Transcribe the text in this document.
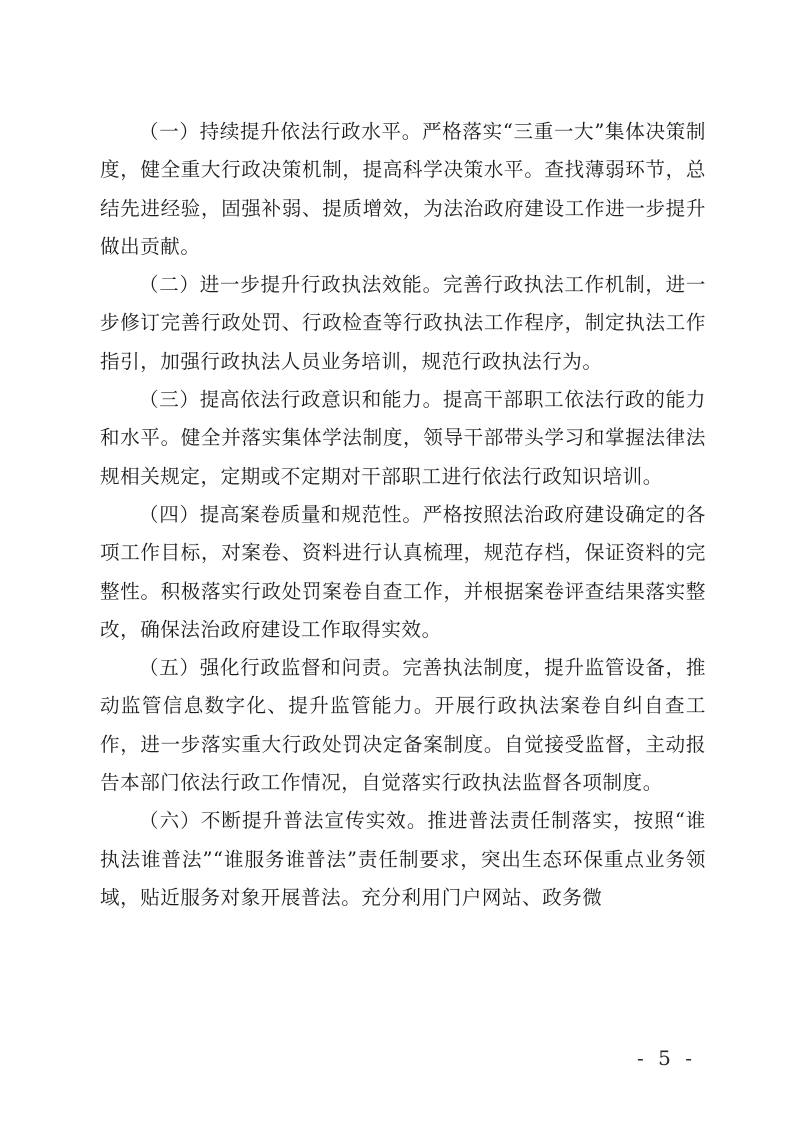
（一）持续提升依法行政水平。严格落实“三重一大”集体决策制度，健全重大行政决策机制，提高科学决策水平。查找薄弱环节，总结先进经验，固强补弱、提质增效，为法治政府建设工作进一步提升做出贡献。

（二）进一步提升行政执法效能。完善行政执法工作机制，进一步修订完善行政处罚、行政检查等行政执法工作程序，制定执法工作指引，加强行政执法人员业务培训，规范行政执法行为。

（三）提高依法行政意识和能力。提高干部职工依法行政的能力和水平。健全并落实集体学法制度，领导干部带头学习和掌握法律法规相关规定，定期或不定期对干部职工进行依法行政知识培训。

（四）提高案卷质量和规范性。严格按照法治政府建设确定的各项工作目标，对案卷、资料进行认真梳理，规范存档，保证资料的完整性。积极落实行政处罚案卷自查工作，并根据案卷评查结果落实整改，确保法治政府建设工作取得实效。

（五）强化行政监督和问责。完善执法制度，提升监管设备，推动监管信息数字化、提升监管能力。开展行政执法案卷自纠自查工作，进一步落实重大行政处罚决定备案制度。自觉接受监督，主动报告本部门依法行政工作情况，自觉落实行政执法监督各项制度。

（六）不断提升普法宣传实效。推进普法责任制落实，按照“谁执法谁普法”“谁服务谁普法”责任制要求，突出生态环保重点业务领域，贴近服务对象开展普法。充分利用门户网站、政务微

- 5 -
